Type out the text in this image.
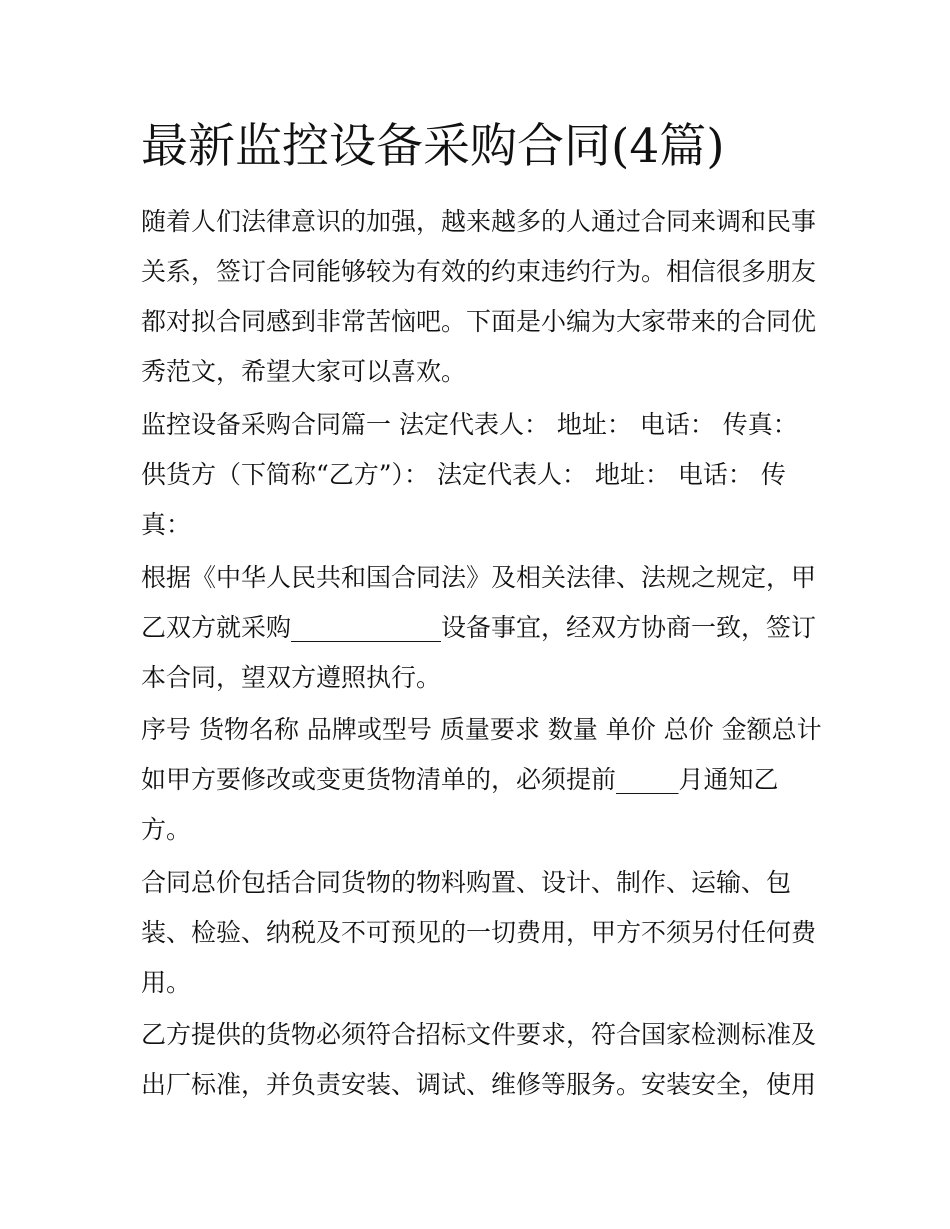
最新监控设备采购合同(4篇)
随着人们法律意识的加强，越来越多的人通过合同来调和民事
关系，签订合同能够较为有效的约束违约行为。相信很多朋友
都对拟合同感到非常苦恼吧。下面是小编为大家带来的合同优
秀范文，希望大家可以喜欢。
监控设备采购合同篇一 法定代表人： 地址： 电话： 传真：
供货方（下简称“乙方”）： 法定代表人： 地址： 电话： 传
真：
根据《中华人民共和国合同法》及相关法律、法规之规定，甲
乙双方就采购____________设备事宜，经双方协商一致，签订
本合同，望双方遵照执行。
序号 货物名称 品牌或型号 质量要求 数量 单价 总价 金额总计
如甲方要修改或变更货物清单的，必须提前_____月通知乙
方。
合同总价包括合同货物的物料购置、设计、制作、运输、包
装、检验、纳税及不可预见的一切费用，甲方不须另付任何费
用。
乙方提供的货物必须符合招标文件要求，符合国家检测标准及
出厂标准，并负责安装、调试、维修等服务。安装安全，使用
